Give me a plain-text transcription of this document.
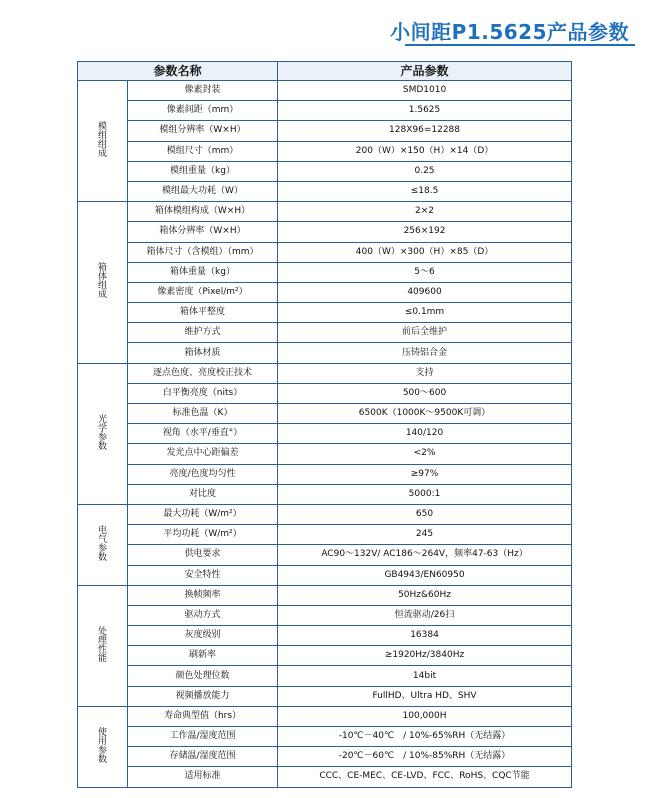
小间距P1.5625产品参数
参数名称		产品参数
模组组成	像素封装	SMD1010
	像素间距（mm）	1.5625
	模组分辨率（W×H）	128X96=12288
	模组尺寸（mm）	200（W）×150（H）×14（D）
	模组重量（kg）	0.25
	模组最大功耗（W）	≤18.5
箱体组成	箱体模组构成（W×H）	2×2
	箱体分辨率（W×H）	256×192
	箱体尺寸（含模组）（mm）	400（W）×300（H）×85（D）
	箱体重量（kg）	5～6
	像素密度（Pixel/m²）	409600
	箱体平整度	≤0.1mm
	维护方式	前后全维护
	箱体材质	压铸铝合金
光学参数	逐点色度、亮度校正技术	支持
	白平衡亮度（nits）	500～600
	标准色温（K）	6500K（1000K～9500K可调）
	视角（水平/垂直°）	140/120
	发光点中心距偏差	<2%
	亮度/色度均匀性	≥97%
	对比度	5000:1
电气参数	最大功耗（W/m²）	650
	平均功耗（W/m²）	245
	供电要求	AC90～132V/ AC186～264V，频率47-63（Hz）
	安全特性	GB4943/EN60950
处理性能	换帧频率	50Hz&60Hz
	驱动方式	恒流驱动/26扫
	灰度级别	16384
	刷新率	≥1920Hz/3840Hz
	颜色处理位数	14bit
	视频播放能力	FullHD、Ultra HD、SHV
使用参数	寿命典型值（hrs）	100,000H
	工作温/湿度范围	-10℃－40℃　/ 10%-65%RH（无结露）
	存储温/湿度范围	-20℃－60℃　/ 10%-85%RH（无结露）
	适用标准	CCC、CE-MEC、CE-LVD、FCC、RoHS、CQC节能
